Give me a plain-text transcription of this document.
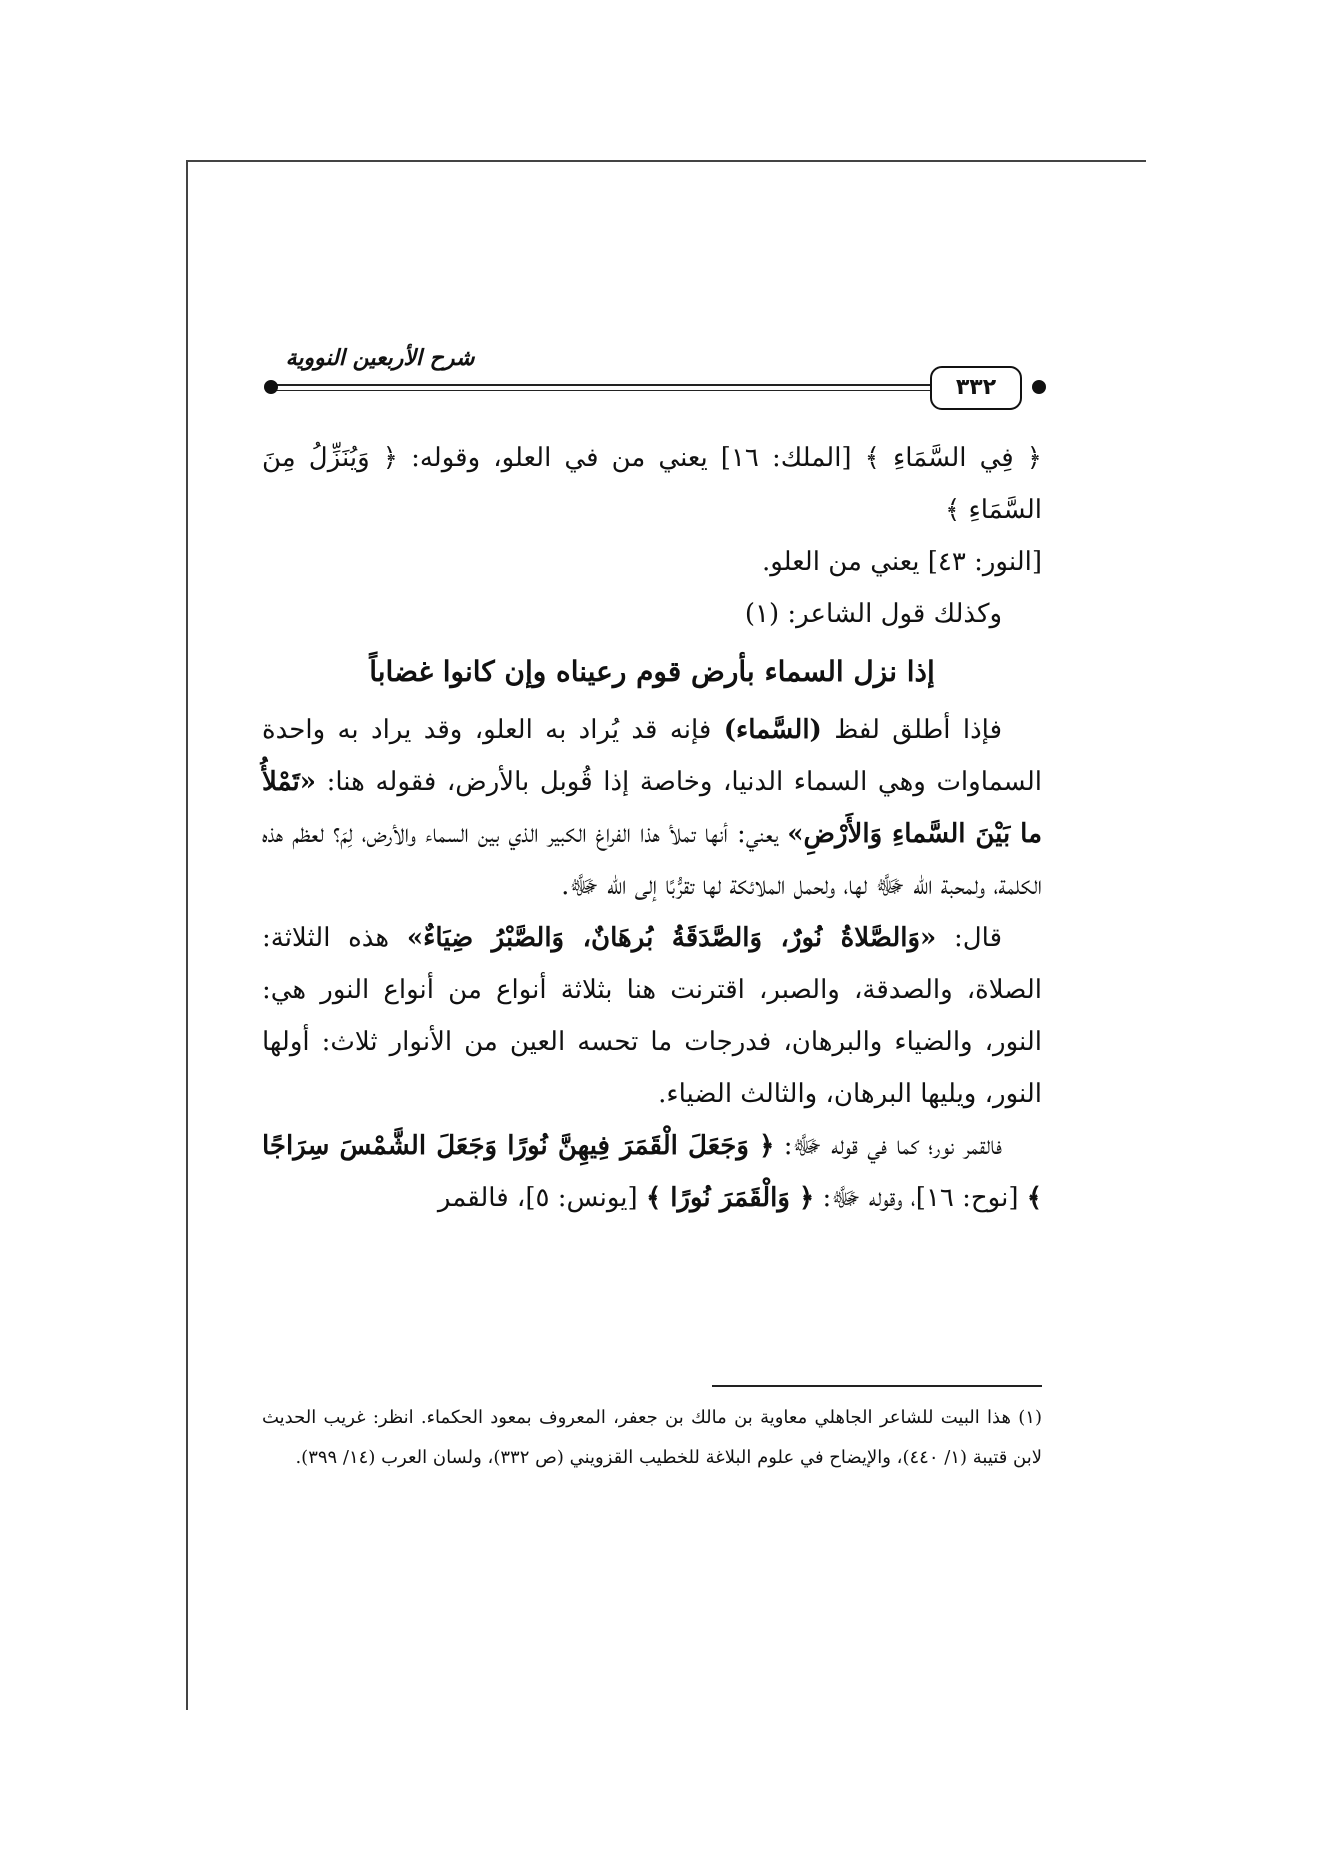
شرح الأربعين النووية
٣٣٢

﴿ فِي السَّمَاءِ ﴾ [الملك: ١٦] يعني من في العلو، وقوله: ﴿ وَيُنَزِّلُ مِنَ السَّمَاءِ ﴾

[النور: ٤٣] يعني من العلو.

وكذلك قول الشاعر: (١)

إذا نزل السماء بأرض قوم رعيناه وإن كانوا غضاباً

فإذا أطلق لفظ (السَّماء) فإنه قد يُراد به العلو، وقد يراد به واحدة السماوات وهي السماء الدنيا، وخاصة إذا قُوبل بالأرض، فقوله هنا: «تَمْلأُ ما بَيْنَ السَّماءِ وَالأَرْضِ» يعني: أنها تملأ هذا الفراغ الكبير الذي بين السماء والأرض، لِمَ؟ لعظم هذه الكلمة، ولمحبة الله ﷻ لها، ولحمل الملائكة لها تقرُّبًا إلى الله ﷻ.

قال: «وَالصَّلاةُ نُورٌ، وَالصَّدَقَةُ بُرهَانٌ، وَالصَّبْرُ ضِيَاءٌ» هذه الثلاثة: الصلاة، والصدقة، والصبر، اقترنت هنا بثلاثة أنواع من أنواع النور هي: النور، والضياء والبرهان، فدرجات ما تحسه العين من الأنوار ثلاث: أولها النور، ويليها البرهان، والثالث الضياء.

فالقمر نور؛ كما في قوله ﷻ: ﴿ وَجَعَلَ الْقَمَرَ فِيهِنَّ نُورًا وَجَعَلَ الشَّمْسَ سِرَاجًا ﴾ [نوح: ١٦]، وقوله ﷻ: ﴿ وَالْقَمَرَ نُورًا ﴾ [يونس: ٥]، فالقمر

(١) هذا البيت للشاعر الجاهلي معاوية بن مالك بن جعفر، المعروف بمعود الحكماء. انظر: غريب الحديث لابن قتيبة (١/ ٤٤٠)، والإيضاح في علوم البلاغة للخطيب القزويني (ص ٣٣٢)، ولسان العرب (١٤/ ٣٩٩).
